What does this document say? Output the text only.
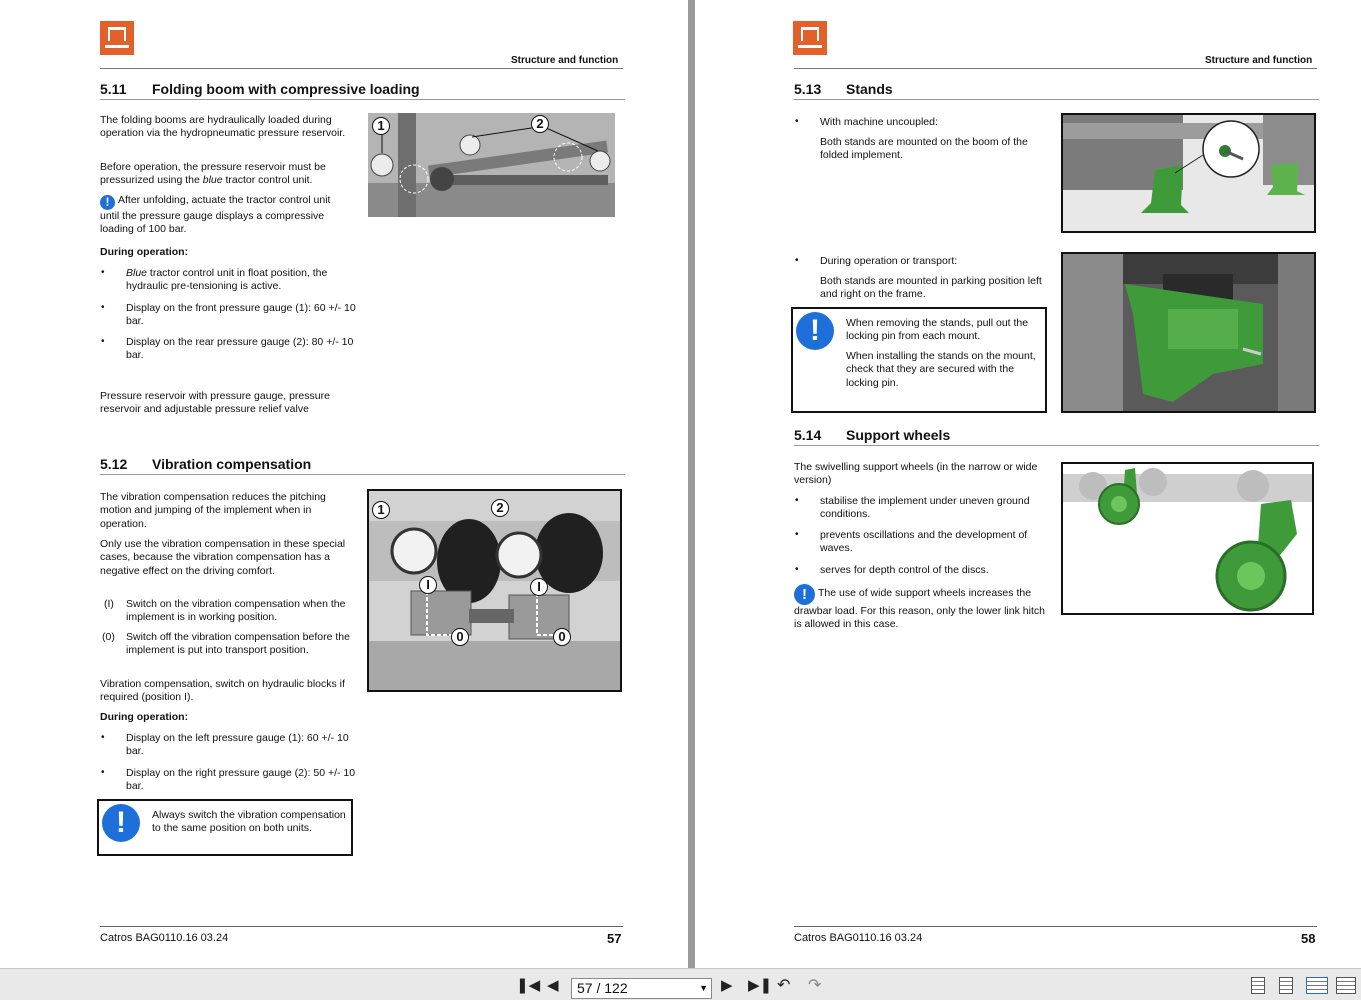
Structure and function
5.11 Folding boom with compressive loading
The folding booms are hydraulically loaded during operation via the hydropneumatic pressure reservoir.
Before operation, the pressure reservoir must be pressurized using the blue tractor control unit.
! After unfolding, actuate the tractor control unit until the pressure gauge displays a compressive loading of 100 bar.
During operation:
• Blue tractor control unit in float position, the hydraulic pre-tensioning is active.
• Display on the front pressure gauge (1): 60 +/- 10 bar.
• Display on the rear pressure gauge (2): 80 +/- 10 bar.
Pressure reservoir with pressure gauge, pressure reservoir and adjustable pressure relief valve
1	2
5.12 Vibration compensation
The vibration compensation reduces the pitching motion and jumping of the implement when in operation.
Only use the vibration compensation in these special cases, because the vibration compensation has a negative effect on the driving comfort.
(I) Switch on the vibration compensation when the implement is in working position.
(0) Switch off the vibration compensation before the implement is put into transport position.
Vibration compensation, switch on hydraulic blocks if required (position I).
During operation:
• Display on the left pressure gauge (1): 60 +/- 10 bar.
• Display on the right pressure gauge (2): 50 +/- 10 bar.
!	Always switch the vibration compensation to the same position on both units.
1	2
I	I
0	0
Catros BAG0110.16 03.24	57
Structure and function
5.13 Stands
• With machine uncoupled:
Both stands are mounted on the boom of the folded implement.
• During operation or transport:
Both stands are mounted in parking position left and right on the frame.
!	When removing the stands, pull out the locking pin from each mount.
When installing the stands on the mount, check that they are secured with the locking pin.
5.14 Support wheels
The swivelling support wheels (in the narrow or wide version)
• stabilise the implement under uneven ground conditions.
• prevents oscillations and the development of waves.
• serves for depth control of the discs.
! The use of wide support wheels increases the drawbar load. For this reason, only the lower link hitch is allowed in this case.
Catros BAG0110.16 03.24	58
❚◀ ◀	57 / 122	▼ ▶ ▶❚ ↶ ↷
